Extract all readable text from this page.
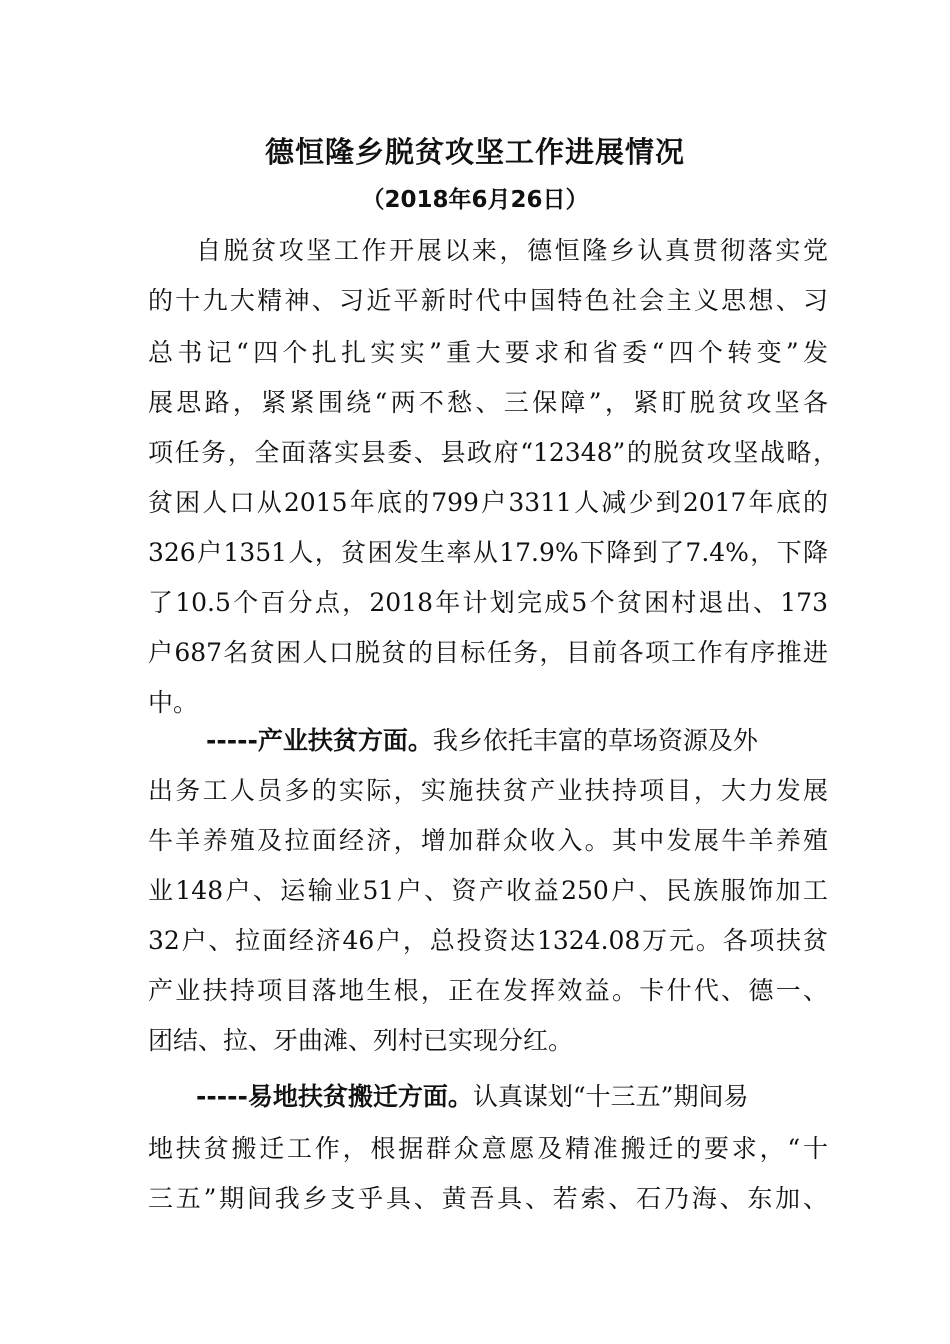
德恒隆乡脱贫攻坚工作进展情况
（2018年6月26日）
自脱贫攻坚工作开展以来，德恒隆乡认真贯彻落实党
的十九大精神、习近平新时代中国特色社会主义思想、习
总书记“四个扎扎实实”重大要求和省委“四个转变”发
展思路，紧紧围绕“两不愁、三保障”，紧盯脱贫攻坚各
项任务，全面落实县委、县政府“12348”的脱贫攻坚战略，
贫困人口从2015年底的799户3311人减少到2017年底的
326户1351人，贫困发生率从17.9%下降到了7.4%，下降
了10.5个百分点，2018年计划完成5个贫困村退出、173
户687名贫困人口脱贫的目标任务，目前各项工作有序推进
中。
-----产业扶贫方面。我乡依托丰富的草场资源及外
出务工人员多的实际，实施扶贫产业扶持项目，大力发展
牛羊养殖及拉面经济，增加群众收入。其中发展牛羊养殖
业148户、运输业51户、资产收益250户、民族服饰加工
32户、拉面经济46户，总投资达1324.08万元。各项扶贫
产业扶持项目落地生根，正在发挥效益。卡什代、德一、
团结、拉、牙曲滩、列村已实现分红。
-----易地扶贫搬迁方面。认真谋划“十三五”期间易
地扶贫搬迁工作，根据群众意愿及精准搬迁的要求，“十
三五”期间我乡支乎具、黄吾具、若索、石乃海、东加、
